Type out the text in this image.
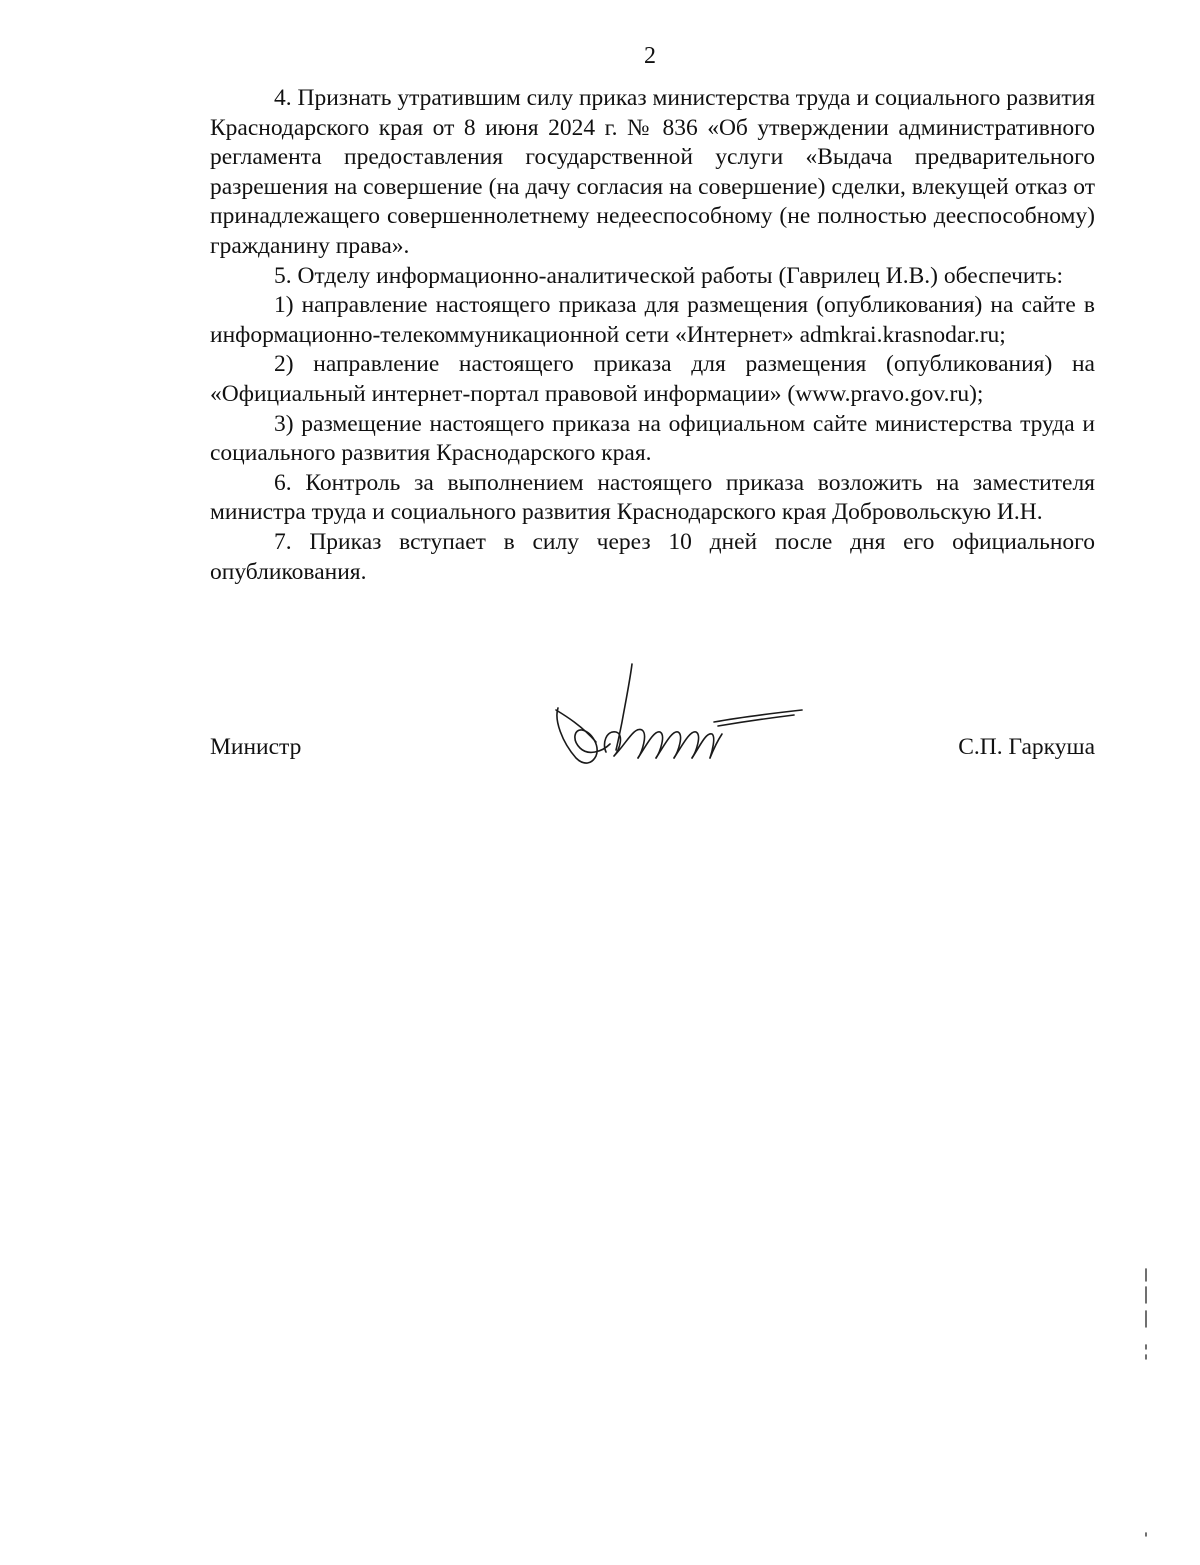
2

4. Признать утратившим силу приказ министерства труда и социального развития Краснодарского края от 8 июня 2024 г. № 836 «Об утверждении административного регламента предоставления государственной услуги «Выдача предварительного разрешения на совершение (на дачу согласия на совершение) сделки, влекущей отказ от принадлежащего совершеннолетнему недееспособному (не полностью дееспособному) гражданину права».

5. Отделу информационно-аналитической работы (Гаврилец И.В.) обеспечить:

1) направление настоящего приказа для размещения (опубликования) на сайте в информационно-телекоммуникационной сети «Интернет» admkrai.krasnodar.ru;

2) направление настоящего приказа для размещения (опубликования) на «Официальный интернет-портал правовой информации» (www.pravo.gov.ru);

3) размещение настоящего приказа на официальном сайте министерства труда и социального развития Краснодарского края.

6. Контроль за выполнением настоящего приказа возложить на заместителя министра труда и социального развития Краснодарского края Добровольскую И.Н.

7. Приказ вступает в силу через 10 дней после дня его официального опубликования.

Министр	С.П. Гаркуша
